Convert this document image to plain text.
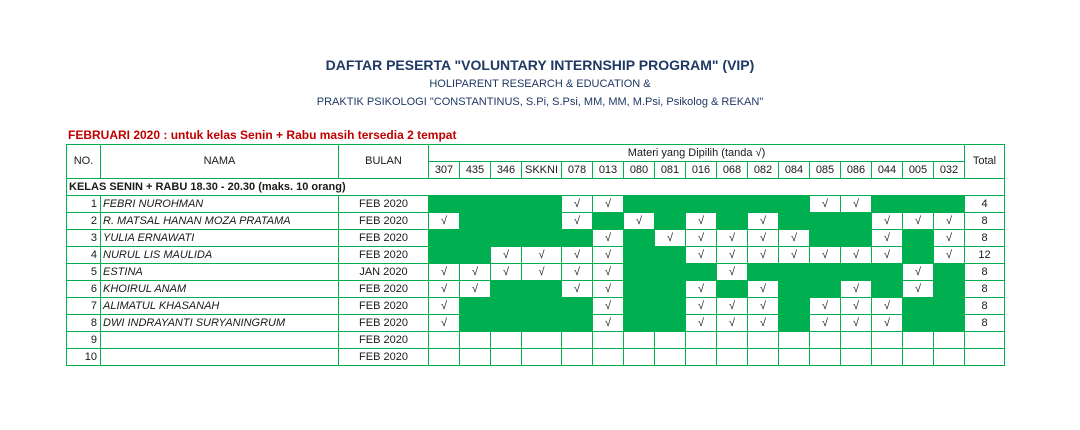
DAFTAR PESERTA "VOLUNTARY INTERNSHIP PROGRAM" (VIP)
HOLIPARENT RESEARCH & EDUCATION &
PRAKTIK PSIKOLOGI "CONSTANTINUS, S.Pi, S.Psi, MM, MM, M.Psi, Psikolog & REKAN"
FEBRUARI 2020 : untuk kelas Senin + Rabu masih tersedia 2 tempat
NO.	NAMA	BULAN	Materi yang Dipilih (tanda √)																	Total
			307	435	346	SKKNI	078	013	080	081	016	068	082	084	085	086	044	005	032	
KELAS SENIN + RABU 18.30 - 20.30 (maks. 10 orang)																				
1	FEBRI NUROHMAN	FEB 2020					√	√							√	√				4
2	R. MATSAL HANAN MOZA PRATAMA	FEB 2020	√				√		√		√		√				√	√	√	8
3	YULIA ERNAWATI	FEB 2020						√		√	√	√	√	√			√		√	8
4	NURUL LIS MAULIDA	FEB 2020			√	√	√	√			√	√	√	√	√	√	√		√	12
5	ESTINA	JAN 2020	√	√	√	√	√	√				√						√		8
6	KHOIRUL ANAM	FEB 2020	√	√			√	√			√		√			√		√		8
7	ALIMATUL KHASANAH	FEB 2020	√					√			√	√	√		√	√	√			8
8	DWI INDRAYANTI SURYANINGRUM	FEB 2020	√					√			√	√	√		√	√	√			8
9		FEB 2020																		
10		FEB 2020																		
